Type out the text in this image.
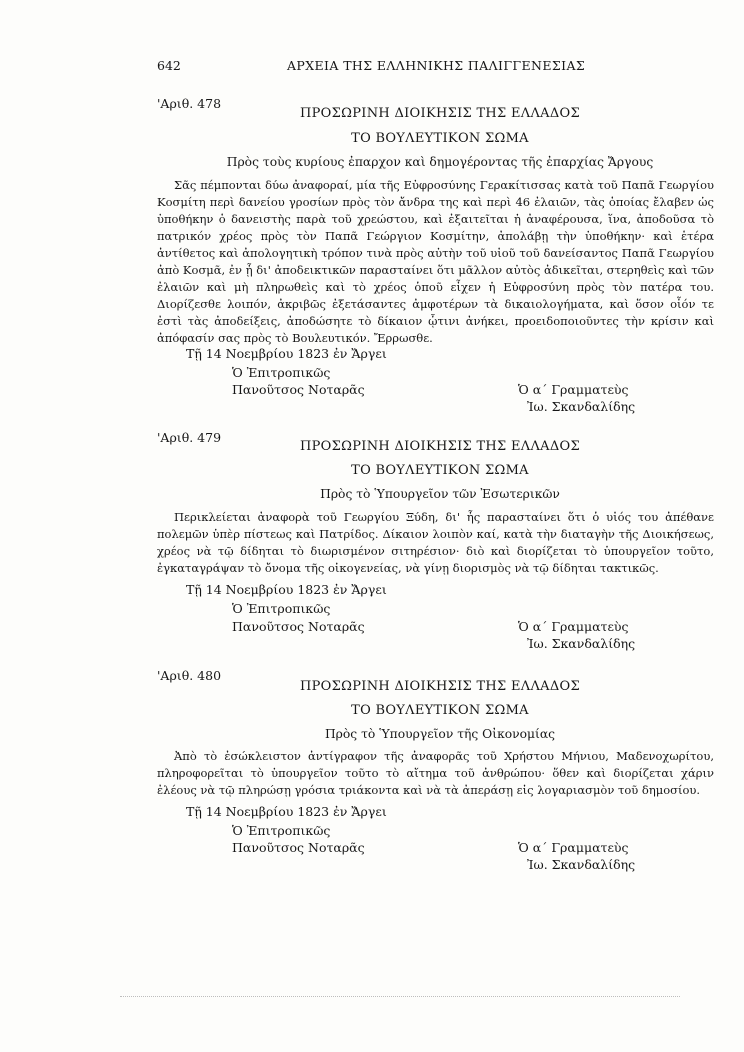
642	ΑΡΧΕΙΑ ΤΗΣ ΕΛΛΗΝΙΚΗΣ ΠΑΛΙΓΓΕΝΕΣΙΑΣ
'Αριθ. 478
ΠΡΟΣΩΡΙΝΗ ΔΙΟΙΚΗΣΙΣ ΤΗΣ ΕΛΛΑΔΟΣ
ΤΟ ΒΟΥΛΕΥΤΙΚΟΝ ΣΩΜΑ
Πρὸς τοὺς κυρίους ἐπαρχον καὶ δημογέροντας τῆς ἐπαρχίας Ἄργους
Σᾶς πέμπονται δύω ἀναφοραί, μία τῆς Εὐφροσύνης Γερακίτισσας κατὰ τοῦ Παπᾶ Γεωργίου Κοσμίτη περὶ δανείου γροσίων πρὸς τὸν ἄνδρα της καὶ περὶ 46 ἐλαιῶν, τὰς ὁποίας ἔλαβεν ὡς ὑποθήκην ὁ δανειστὴς παρὰ τοῦ χρεώστου, καὶ ἐξαιτεῖται ἡ ἀναφέρουσα, ἵνα, ἀποδοῦσα τὸ πατρικόν χρέος πρὸς τὸν Παπᾶ Γεώργιον Κοσμίτην, ἀπολάβῃ τὴν ὑποθήκην· καὶ ἑτέρα ἀντίθετος καὶ ἀπολογητικὴ τρόπον τινὰ πρὸς αὐτὴν τοῦ υἱοῦ τοῦ δανείσαντος Παπᾶ Γεωργίου ἀπὸ Κοσμᾶ, ἐν ᾗ δι' ἀποδεικτικῶν παρασταίνει ὅτι μᾶλλον αὐτὸς ἀδικεῖται, στερηθεὶς καὶ τῶν ἐλαιῶν καὶ μὴ πληρωθεὶς καὶ τὸ χρέος ὁποῦ εἶχεν ἡ Εὐφροσύνη πρὸς τὸν πατέρα του. Διορίζεσθε λοιπόν, ἀκριβῶς ἐξετάσαντες ἀμφοτέρων τὰ δικαιολογήματα, καὶ ὅσον οἷόν τε ἐστὶ τὰς ἀποδείξεις, ἀποδώσητε τὸ δίκαιον ᾧτινι ἀνήκει, προειδοποιοῦντες τὴν κρίσιν καὶ ἀπόφασίν σας πρὸς τὸ Βουλευτικόν. Ἔρρωσθε.
Τῇ 14 Νοεμβρίου 1823 ἐν Ἄργει
Ὁ Ἐπιτροπικῶς
Πανοῦτσος Νοταρᾶς	Ὁ α΄ Γραμματεὺς
Ἰω. Σκανδαλίδης
'Αριθ. 479
ΠΡΟΣΩΡΙΝΗ ΔΙΟΙΚΗΣΙΣ ΤΗΣ ΕΛΛΑΔΟΣ
ΤΟ ΒΟΥΛΕΥΤΙΚΟΝ ΣΩΜΑ
Πρὸς τὸ Ὑπουργεῖον τῶν Ἐσωτερικῶν
Περικλείεται ἀναφορὰ τοῦ Γεωργίου Ξύδη, δι' ἧς παρασταίνει ὅτι ὁ υἱός του ἀπέθανε πολεμῶν ὑπὲρ πίστεως καὶ Πατρίδος. Δίκαιον λοιπὸν καί, κατὰ τὴν διαταγὴν τῆς Διοικήσεως, χρέος νὰ τῷ δίδηται τὸ διωρισμένον σιτηρέσιον· διὸ καὶ διορίζεται τὸ ὑπουργεῖον τοῦτο, ἐγκαταγράψαν τὸ ὄνομα τῆς οἰκογενείας, νὰ γίνῃ διορισμὸς νὰ τῷ δίδηται τακτικῶς.
Τῇ 14 Νοεμβρίου 1823 ἐν Ἄργει
Ὁ Ἐπιτροπικῶς
Πανοῦτσος Νοταρᾶς	Ὁ α΄ Γραμματεὺς
Ἰω. Σκανδαλίδης
'Αριθ. 480
ΠΡΟΣΩΡΙΝΗ ΔΙΟΙΚΗΣΙΣ ΤΗΣ ΕΛΛΑΔΟΣ
ΤΟ ΒΟΥΛΕΥΤΙΚΟΝ ΣΩΜΑ
Πρὸς τὸ Ὑπουργεῖον τῆς Οἰκονομίας
Ἀπὸ τὸ ἐσώκλειστον ἀντίγραφον τῆς ἀναφορᾶς τοῦ Χρήστου Μήνιου, Μαδενοχωρίτου, πληροφορεῖται τὸ ὑπουργεῖον τοῦτο τὸ αἴτημα τοῦ ἀνθρώπου· ὅθεν καὶ διορίζεται χάριν ἐλέους νὰ τῷ πληρώσῃ γρόσια τριάκοντα καὶ νὰ τὰ ἀπεράσῃ εἰς λογαριασμὸν τοῦ δημοσίου.
Τῇ 14 Νοεμβρίου 1823 ἐν Ἄργει
Ὁ Ἐπιτροπικῶς
Πανοῦτσος Νοταρᾶς	Ὁ α΄ Γραμματεὺς
Ἰω. Σκανδαλίδης
